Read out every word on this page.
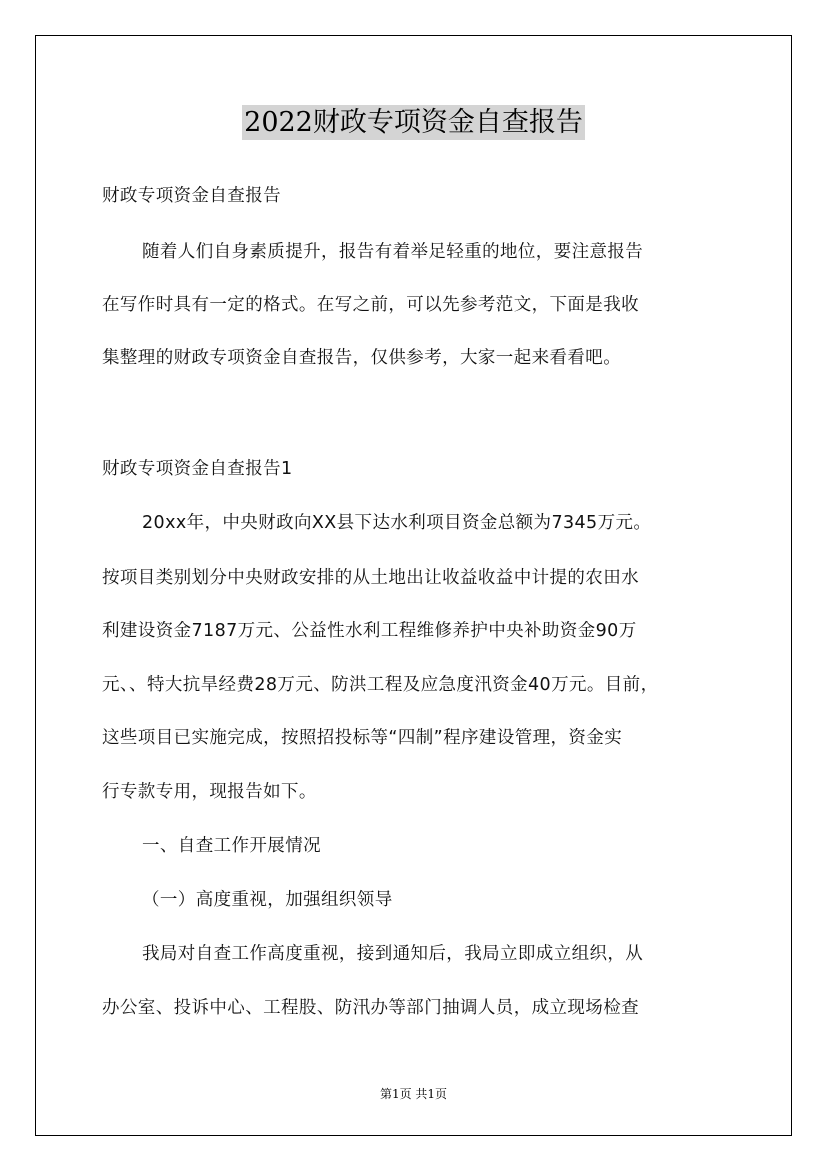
2022财政专项资金自查报告

财政专项资金自查报告

随着人们自身素质提升，报告有着举足轻重的地位，要注意报告

在写作时具有一定的格式。在写之前，可以先参考范文，下面是我收

集整理的财政专项资金自查报告，仅供参考，大家一起来看看吧。

财政专项资金自查报告1

20xx年，中央财政向XX县下达水利项目资金总额为7345万元。

按项目类别划分中央财政安排的从土地出让收益收益中计提的农田水

利建设资金7187万元、公益性水利工程维修养护中央补助资金90万

元、、特大抗旱经费28万元、防洪工程及应急度汛资金40万元。目前，

这些项目已实施完成，按照招投标等“四制”程序建设管理，资金实

行专款专用，现报告如下。

一、自查工作开展情况

（一）高度重视，加强组织领导

我局对自查工作高度重视，接到通知后，我局立即成立组织，从

办公室、投诉中心、工程股、防汛办等部门抽调人员，成立现场检查

第1页 共1页
